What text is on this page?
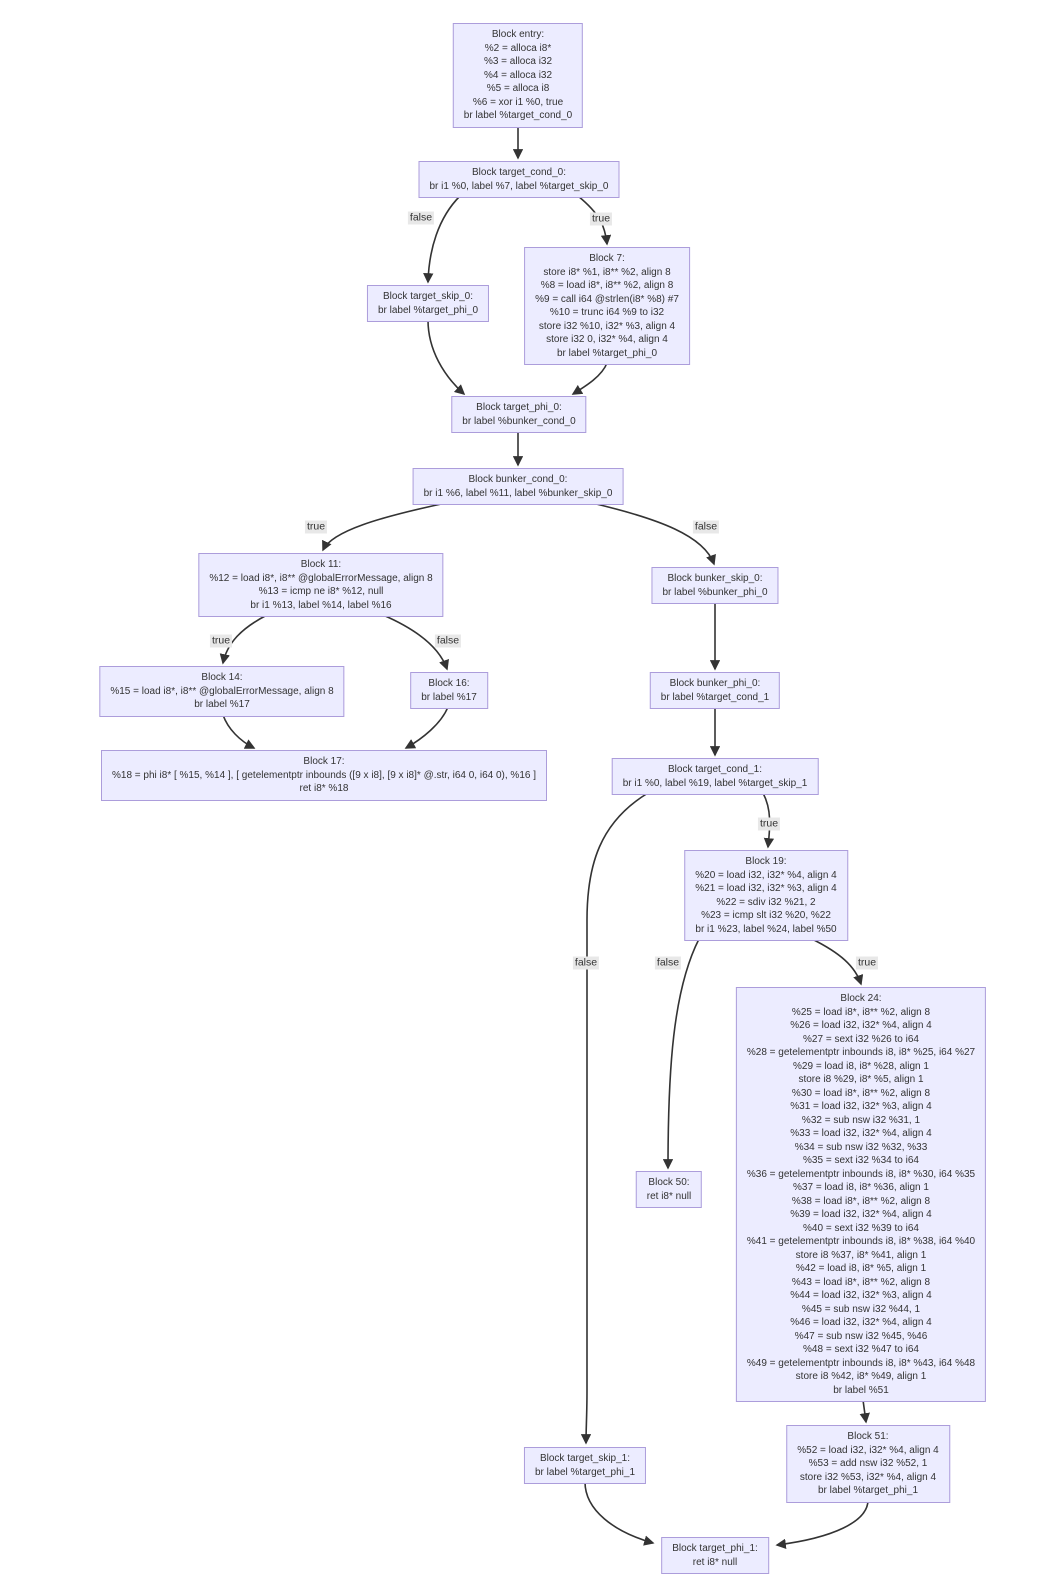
Block entry:
%2 = alloca i8*
%3 = alloca i32
%4 = alloca i32
%5 = alloca i8
%6 = xor i1 %0, true
br label %target_cond_0
Block target_cond_0:
br i1 %0, label %7, label %target_skip_0
Block target_skip_0:
br label %target_phi_0
Block 7:
store i8* %1, i8** %2, align 8
%8 = load i8*, i8** %2, align 8
%9 = call i64 @strlen(i8* %8) #7
%10 = trunc i64 %9 to i32
store i32 %10, i32* %3, align 4
store i32 0, i32* %4, align 4
br label %target_phi_0
Block target_phi_0:
br label %bunker_cond_0
Block bunker_cond_0:
br i1 %6, label %11, label %bunker_skip_0
Block 11:
%12 = load i8*, i8** @globalErrorMessage, align 8
%13 = icmp ne i8* %12, null
br i1 %13, label %14, label %16
Block 14:
%15 = load i8*, i8** @globalErrorMessage, align 8
br label %17
Block 16:
br label %17
Block 17:
%18 = phi i8* [ %15, %14 ], [ getelementptr inbounds ([9 x i8], [9 x i8]* @.str, i64 0, i64 0), %16 ]
ret i8* %18
Block bunker_skip_0:
br label %bunker_phi_0
Block bunker_phi_0:
br label %target_cond_1
Block target_cond_1:
br i1 %0, label %19, label %target_skip_1
Block 19:
%20 = load i32, i32* %4, align 4
%21 = load i32, i32* %3, align 4
%22 = sdiv i32 %21, 2
%23 = icmp slt i32 %20, %22
br i1 %23, label %24, label %50
Block 24:
%25 = load i8*, i8** %2, align 8
%26 = load i32, i32* %4, align 4
%27 = sext i32 %26 to i64
%28 = getelementptr inbounds i8, i8* %25, i64 %27
%29 = load i8, i8* %28, align 1
store i8 %29, i8* %5, align 1
%30 = load i8*, i8** %2, align 8
%31 = load i32, i32* %3, align 4
%32 = sub nsw i32 %31, 1
%33 = load i32, i32* %4, align 4
%34 = sub nsw i32 %32, %33
%35 = sext i32 %34 to i64
%36 = getelementptr inbounds i8, i8* %30, i64 %35
%37 = load i8, i8* %36, align 1
%38 = load i8*, i8** %2, align 8
%39 = load i32, i32* %4, align 4
%40 = sext i32 %39 to i64
%41 = getelementptr inbounds i8, i8* %38, i64 %40
store i8 %37, i8* %41, align 1
%42 = load i8, i8* %5, align 1
%43 = load i8*, i8** %2, align 8
%44 = load i32, i32* %3, align 4
%45 = sub nsw i32 %44, 1
%46 = load i32, i32* %4, align 4
%47 = sub nsw i32 %45, %46
%48 = sext i32 %47 to i64
%49 = getelementptr inbounds i8, i8* %43, i64 %48
store i8 %42, i8* %49, align 1
br label %51
Block 50:
ret i8* null
Block 51:
%52 = load i32, i32* %4, align 4
%53 = add nsw i32 %52, 1
store i32 %53, i32* %4, align 4
br label %target_phi_1
Block target_skip_1:
br label %target_phi_1
Block target_phi_1:
ret i8* null
false	true
true	false
true	false
true
false	false	true
